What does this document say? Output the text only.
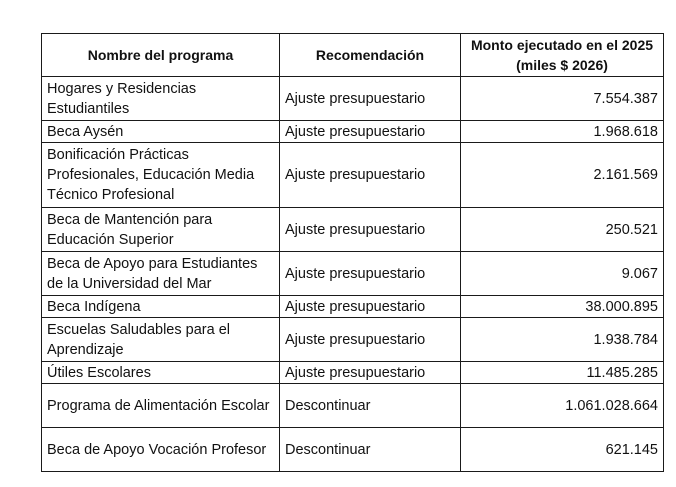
Nombre del programa	Recomendación	Monto ejecutado en el 2025 (miles $ 2026)
Hogares y Residencias Estudiantiles	Ajuste presupuestario	7.554.387
Beca Aysén	Ajuste presupuestario	1.968.618
Bonificación Prácticas Profesionales, Educación Media Técnico Profesional	Ajuste presupuestario	2.161.569
Beca de Mantención para Educación Superior	Ajuste presupuestario	250.521
Beca de Apoyo para Estudiantes de la Universidad del Mar	Ajuste presupuestario	9.067
Beca Indígena	Ajuste presupuestario	38.000.895
Escuelas Saludables para el Aprendizaje	Ajuste presupuestario	1.938.784
Útiles Escolares	Ajuste presupuestario	11.485.285
Programa de Alimentación Escolar	Descontinuar	1.061.028.664
Beca de Apoyo Vocación Profesor	Descontinuar	621.145
